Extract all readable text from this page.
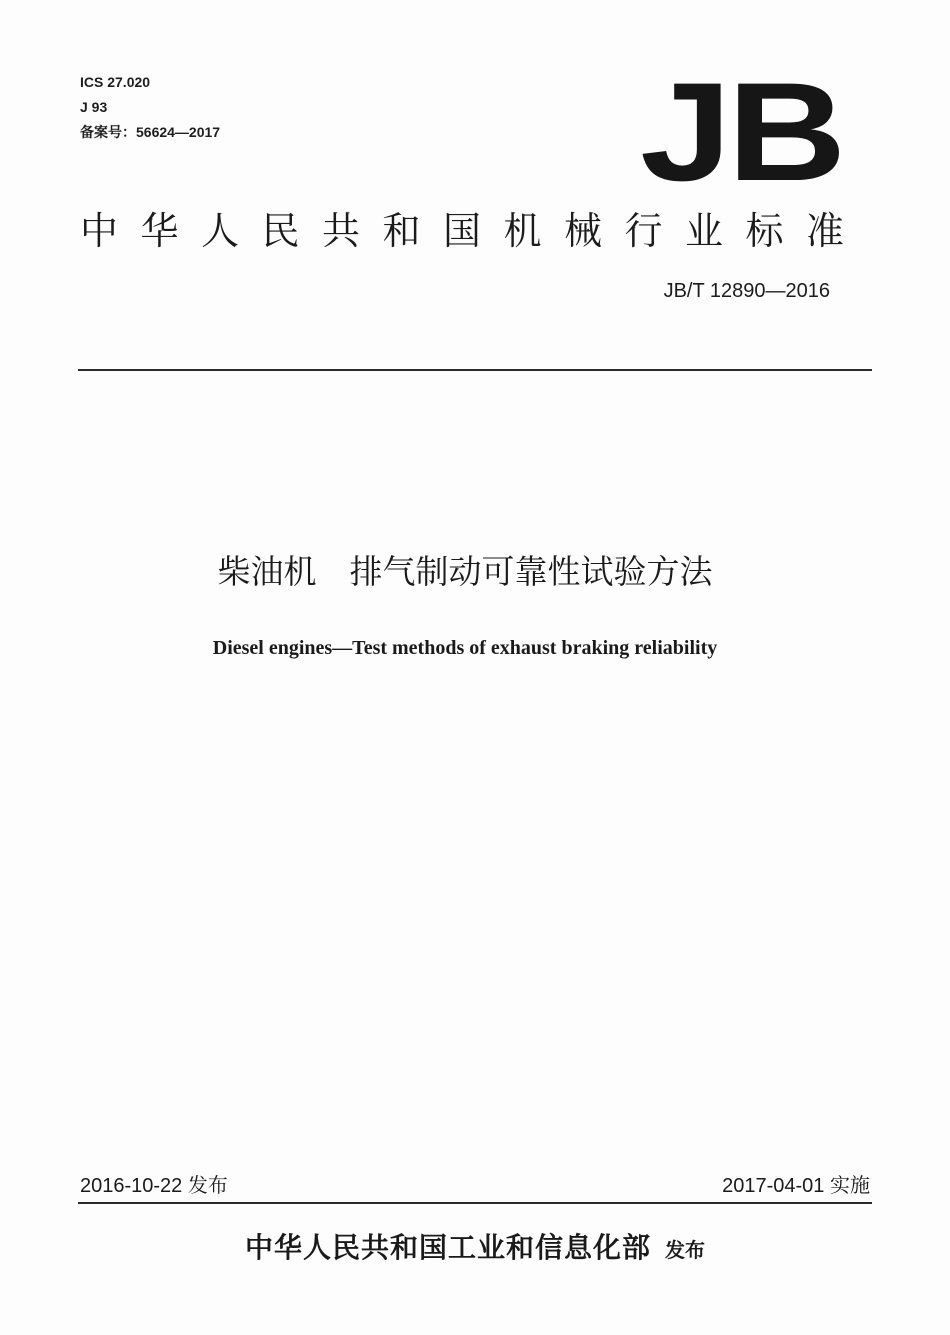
ICS 27.020
J 93
备案号：56624—2017	JB
中华人民共和国机械行业标准
JB/T 12890—2016
柴油机　排气制动可靠性试验方法
Diesel engines—Test methods of exhaust braking reliability
2016-10-22 发布	2017-04-01 实施
中华人民共和国工业和信息化部 发布
